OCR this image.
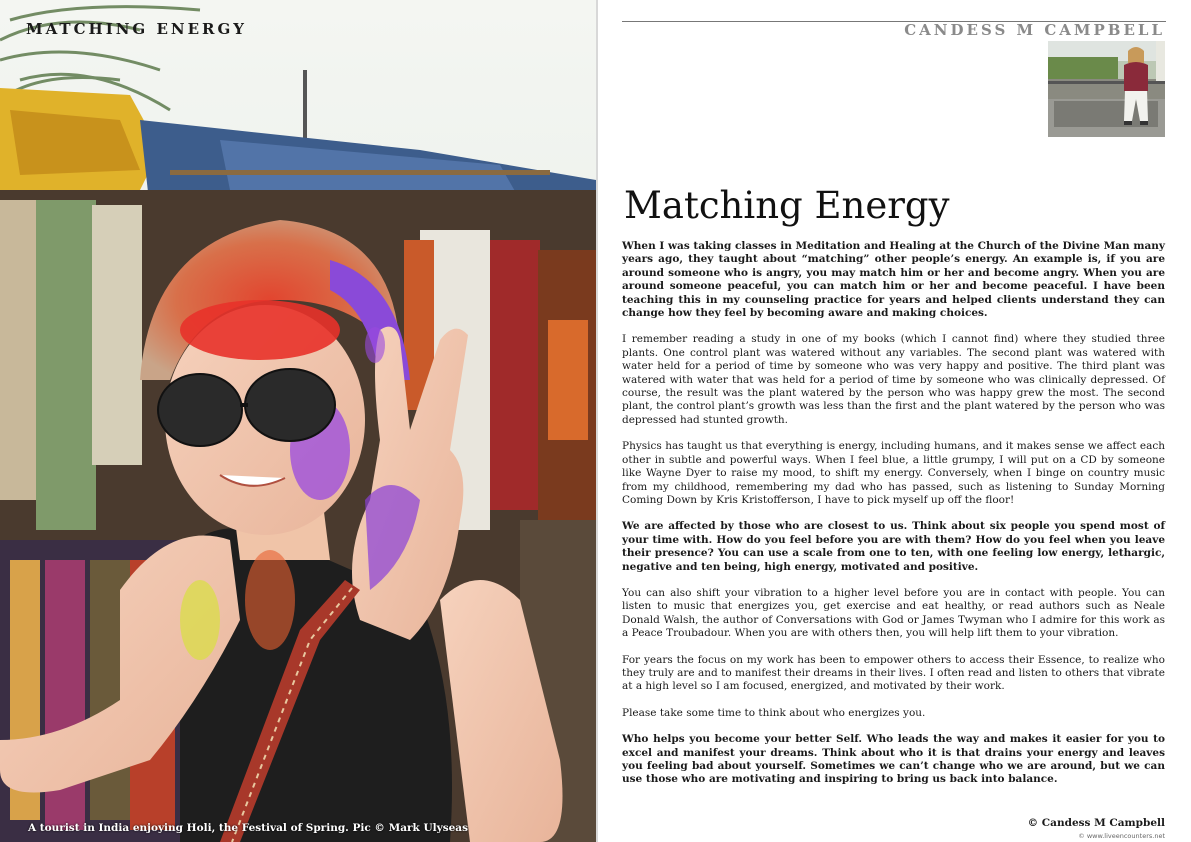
MATCHING ENERGY
A tourist in India enjoying Holi, the Festival of Spring. Pic © Mark Ulyseas
CANDESS M CAMPBELL
Matching Energy

When I was taking classes in Meditation and Healing at the Church of the Divine Man many years ago, they taught about “matching” other people’s energy. An example is, if you are around someone who is angry, you may match him or her and become angry. When you are around someone peaceful, you can match him or her and become peaceful. I have been teaching this in my counseling practice for years and helped clients understand they can change how they feel by becoming aware and making choices.

I remember reading a study in one of my books (which I cannot find) where they studied three plants. One control plant was watered without any variables. The second plant was watered with water held for a period of time by someone who was very happy and positive. The third plant was watered with water that was held for a period of time by someone who was clinically depressed. Of course, the result was the plant watered by the person who was happy grew the most. The second plant, the control plant’s growth was less than the first and the plant watered by the person who was depressed had stunted growth.

Physics has taught us that everything is energy, including humans, and it makes sense we affect each other in subtle and powerful ways. When I feel blue, a little grumpy, I will put on a CD by someone like Wayne Dyer to raise my mood, to shift my energy. Conversely, when I binge on country music from my childhood, remembering my dad who has passed, such as listening to Sunday Morning Coming Down by Kris Kristofferson, I have to pick myself up off the floor!

We are affected by those who are closest to us. Think about six people you spend most of your time with. How do you feel before you are with them? How do you feel when you leave their presence? You can use a scale from one to ten, with one feeling low energy, lethargic, negative and ten being, high energy, motivated and positive.

You can also shift your vibration to a higher level before you are in contact with people. You can listen to music that energizes you, get exercise and eat healthy, or read authors such as Neale Donald Walsh, the author of Conversations with God or James Twyman who I admire for this work as a Peace Troubadour. When you are with others then, you will help lift them to your vibration.

For years the focus on my work has been to empower others to access their Essence, to realize who they truly are and to manifest their dreams in their lives. I often read and listen to others that vibrate at a high level so I am focused, energized, and motivated by their work.

Please take some time to think about who energizes you.

Who helps you become your better Self. Who leads the way and makes it easier for you to excel and manifest your dreams. Think about who it is that drains your energy and leaves you feeling bad about yourself. Sometimes we can’t change who we are around, but we can use those who are motivating and inspiring to bring us back into balance.

© Candess M Campbell
© www.liveencounters.net
